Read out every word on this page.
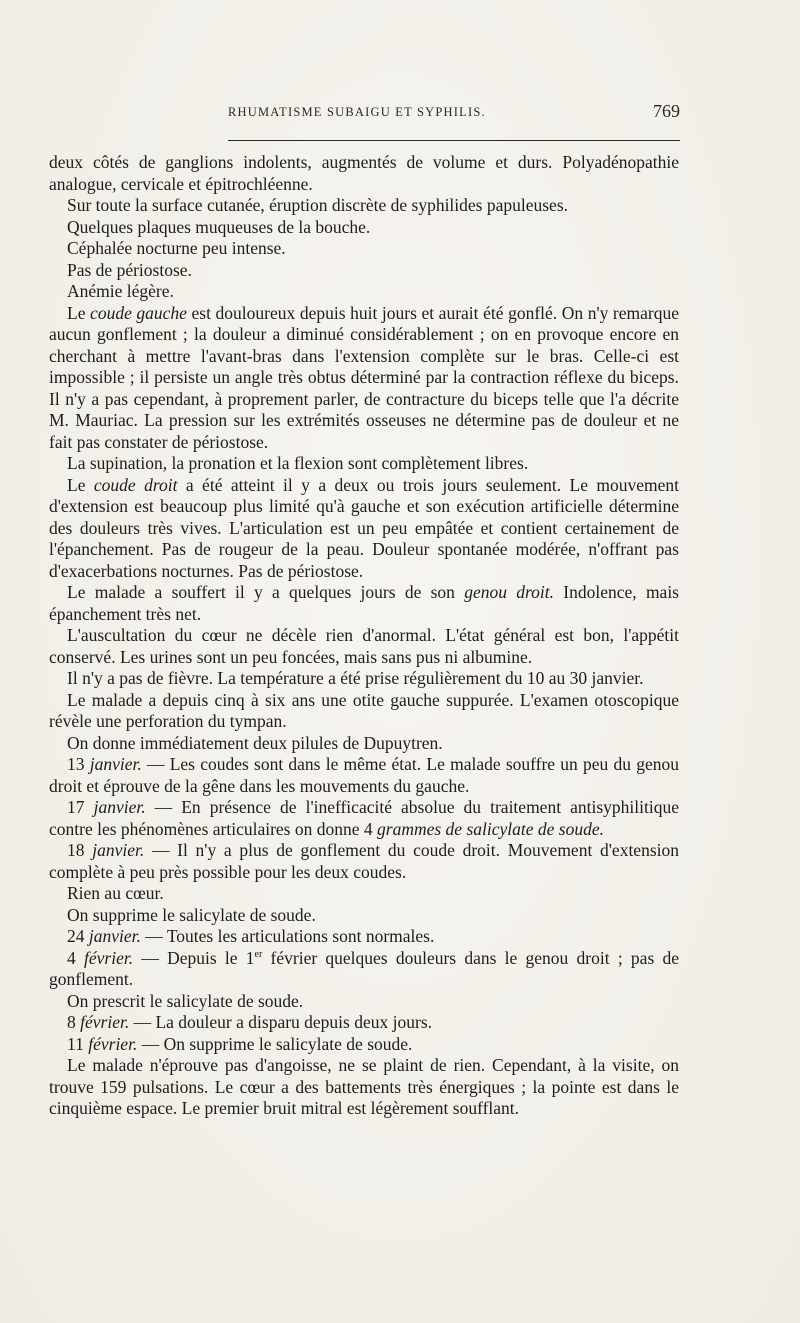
RHUMATISME SUBAIGU ET SYPHILIS.	769

deux côtés de ganglions indolents, augmentés de volume et durs. Polyadénopathie analogue, cervicale et épitrochléenne.

Sur toute la surface cutanée, éruption discrète de syphilides papuleuses.

Quelques plaques muqueuses de la bouche.

Céphalée nocturne peu intense.

Pas de périostose.

Anémie légère.

Le coude gauche est douloureux depuis huit jours et aurait été gonflé. On n'y remarque aucun gonflement ; la douleur a diminué considérablement ; on en provoque encore en cherchant à mettre l'avant-bras dans l'extension complète sur le bras. Celle-ci est impossible ; il persiste un angle très obtus déterminé par la contraction réflexe du biceps. Il n'y a pas cependant, à proprement parler, de contracture du biceps telle que l'a décrite M. Mauriac. La pression sur les extrémités osseuses ne détermine pas de douleur et ne fait pas constater de périostose.

La supination, la pronation et la flexion sont complètement libres.

Le coude droit a été atteint il y a deux ou trois jours seulement. Le mouvement d'extension est beaucoup plus limité qu'à gauche et son exécution artificielle détermine des douleurs très vives. L'articulation est un peu empâtée et contient certainement de l'épanchement. Pas de rougeur de la peau. Douleur spontanée modérée, n'offrant pas d'exacerbations nocturnes. Pas de périostose.

Le malade a souffert il y a quelques jours de son genou droit. Indolence, mais épanchement très net.

L'auscultation du cœur ne décèle rien d'anormal. L'état général est bon, l'appétit conservé. Les urines sont un peu foncées, mais sans pus ni albumine.

Il n'y a pas de fièvre. La température a été prise régulièrement du 10 au 30 janvier.

Le malade a depuis cinq à six ans une otite gauche suppurée. L'examen otoscopique révèle une perforation du tympan.

On donne immédiatement deux pilules de Dupuytren.

13 janvier. — Les coudes sont dans le même état. Le malade souffre un peu du genou droit et éprouve de la gêne dans les mouvements du gauche.

17 janvier. — En présence de l'inefficacité absolue du traitement antisyphilitique contre les phénomènes articulaires on donne 4 grammes de salicylate de soude.

18 janvier. — Il n'y a plus de gonflement du coude droit. Mouvement d'extension complète à peu près possible pour les deux coudes.

Rien au cœur.

On supprime le salicylate de soude.

24 janvier. — Toutes les articulations sont normales.

4 février. — Depuis le 1er février quelques douleurs dans le genou droit ; pas de gonflement.

On prescrit le salicylate de soude.

8 février. — La douleur a disparu depuis deux jours.

11 février. — On supprime le salicylate de soude.

Le malade n'éprouve pas d'angoisse, ne se plaint de rien. Cependant, à la visite, on trouve 159 pulsations. Le cœur a des battements très énergiques ; la pointe est dans le cinquième espace. Le premier bruit mitral est légèrement soufflant.
